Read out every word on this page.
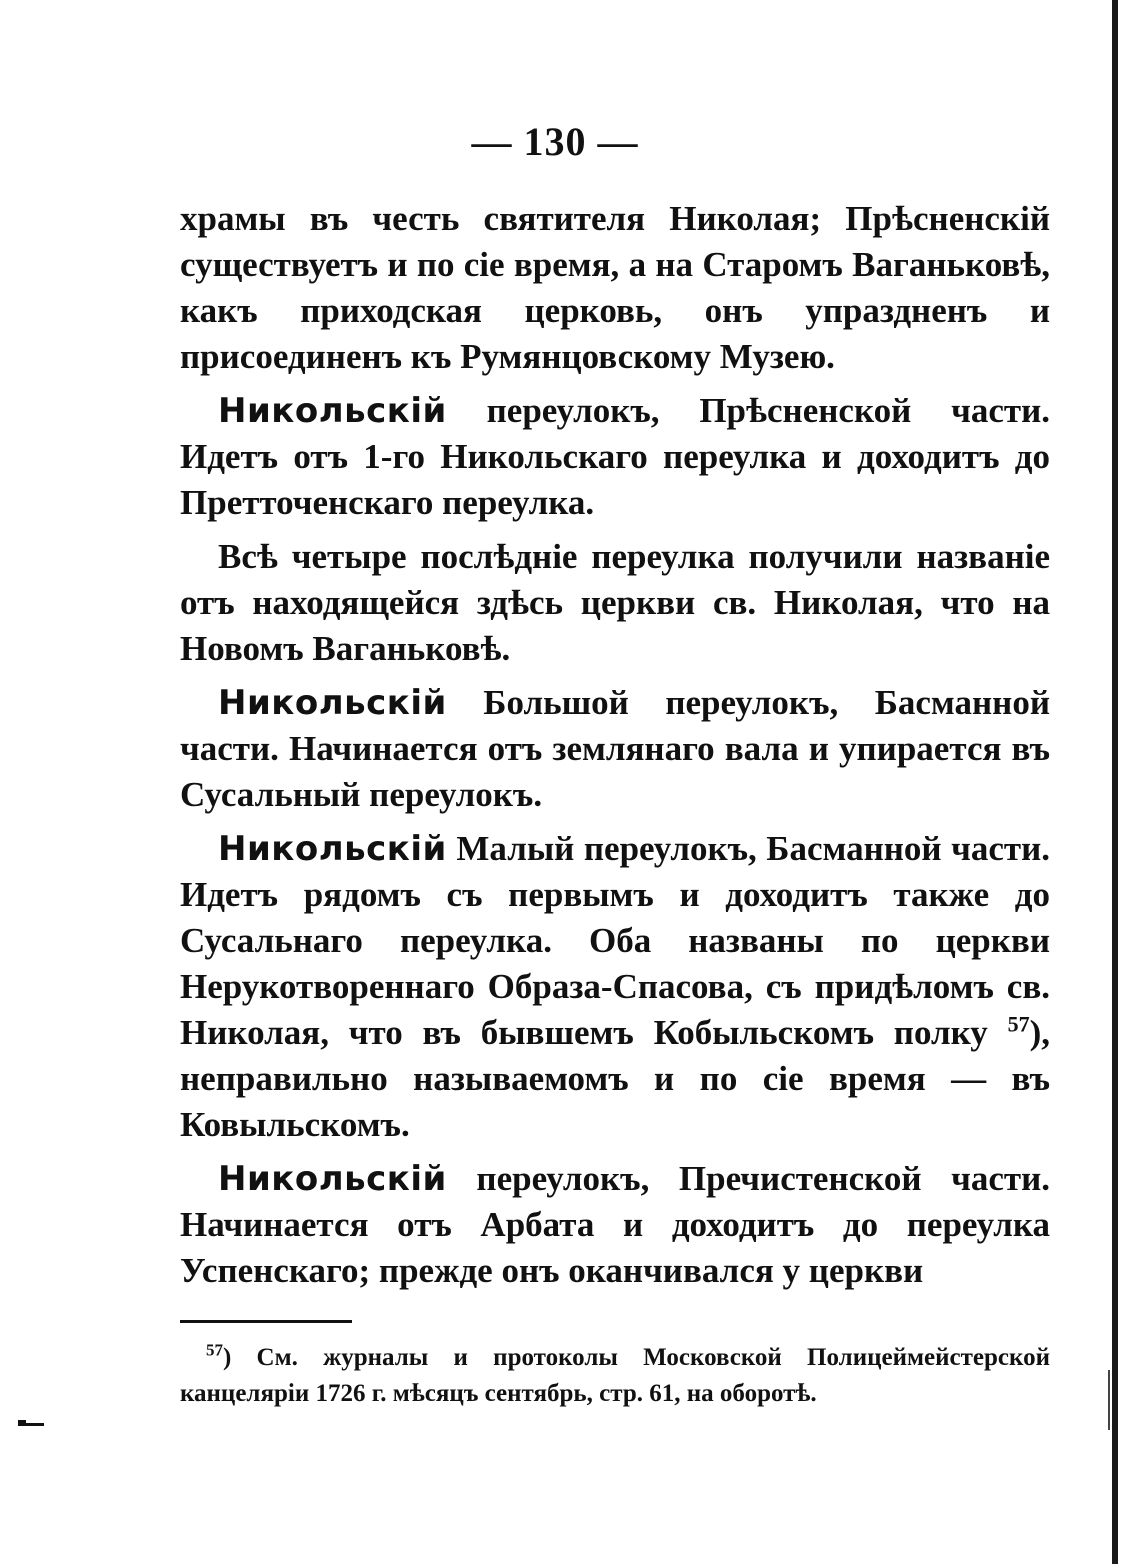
— 130 —

храмы въ честь святителя Николая; Прѣсненскій существуетъ и по сіе время, а на Старомъ Ваганьковѣ, какъ приходская церковь, онъ упраздненъ и присоединенъ къ Румянцовскому Музею.

Никольскій переулокъ, Прѣсненской части. Идетъ отъ 1-го Никольскаго переулка и доходитъ до Претточенскаго переулка.

Всѣ четыре послѣдніе переулка получили названіе отъ находящейся здѣсь церкви св. Николая, что на Новомъ Ваганьковѣ.

Никольскій Большой переулокъ, Басманной части. Начинается отъ землянаго вала и упирается въ Сусальный переулокъ.

Никольскій Малый переулокъ, Басманной части. Идетъ рядомъ съ первымъ и доходитъ также до Сусальнаго переулка. Оба названы по церкви Нерукотвореннаго Образа-Спасова, съ придѣломъ св. Николая, что въ бывшемъ Кобыльскомъ полку $^{57}$), неправильно называемомъ и по сіе время — въ Ковыльскомъ.

Никольскій переулокъ, Пречистенской части. Начинается отъ Арбата и доходитъ до переулка Успенскаго; прежде онъ оканчивался у церкви

$^{57}$) См. журналы и протоколы Московской Полицеймейстерской канцеляріи 1726 г. мѣсяцъ сентябрь, стр. 61, на оборотѣ.
